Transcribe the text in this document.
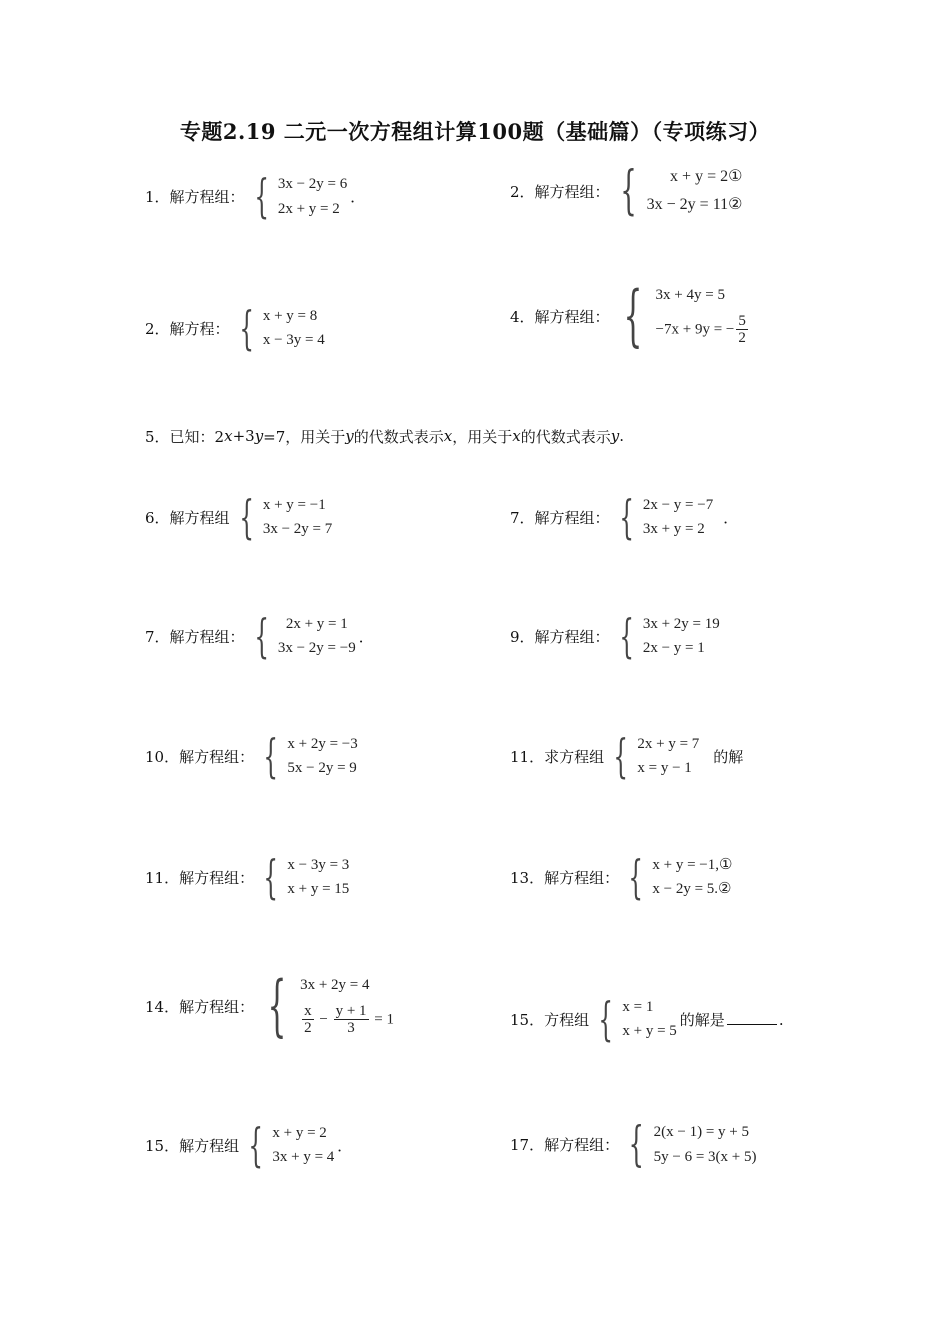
专题2.19 二元一次方程组计算100题（基础篇）（专项练习）
1．解方程组： { 3x − 2y = 6
2x + y = 2
．	2．解方程组： { x + y = 2①
3x − 2y = 11②
2．解方程： { x + y = 8
x − 3y = 4
4．解方程组： { 3x + 4y = 5
−7x + 9y = − $\frac{5}{2}$
5．已知：2 x +3 y =7，用关于 y 的代数式表示 x ，用关于 x 的代数式表示 y .
6．解方程组 { x + y = −1
3x − 2y = 7
7．解方程组： { 2x − y = −7
3x + y = 2
．
7．解方程组： { 2x + y = 1
3x − 2y = −9
．	9．解方程组： { 3x + 2y = 19
2x − y = 1
10．解方程组： { x + 2y = −3
5x − 2y = 9
11．求方程组 { 2x + y = 7
x = y − 1
的解
11．解方程组： { x − 3y = 3
x + y = 15
13．解方程组： { x + y = −1,①
x − 2y = 5.②
14．解方程组： { 3x + 2y = 4
$\frac{x}{2} - \frac{y + 1}{3} = 1$	15．方程组 { x = 1
x + y = 5
的解是	.
15．解方程组 { x + y = 2
3x + y = 4
．	17．解方程组： { 2(x − 1) = y + 5
5y − 6 = 3(x + 5)
